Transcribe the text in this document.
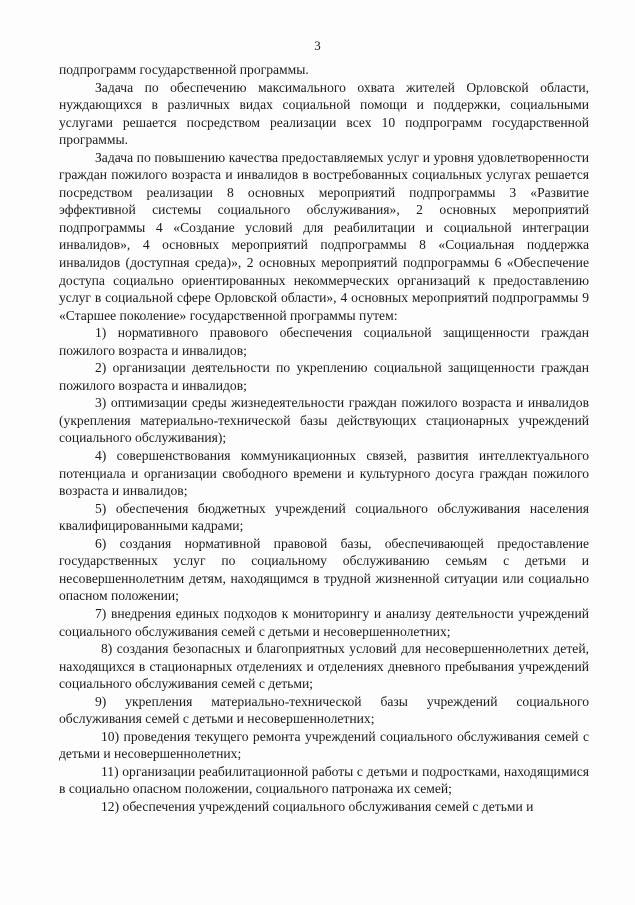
3

подпрограмм государственной программы.

Задача по обеспечению максимального охвата жителей Орловской области, нуждающихся в различных видах социальной помощи и поддержки, социальными услугами решается посредством реализации всех 10 подпрограмм государственной программы.

Задача по повышению качества предоставляемых услуг и уровня удовлетворенности граждан пожилого возраста и инвалидов в востребованных социальных услугах решается посредством реализации 8 основных мероприятий подпрограммы 3 «Развитие эффективной системы социального обслуживания», 2 основных мероприятий подпрограммы 4 «Создание условий для реабилитации и социальной интеграции инвалидов», 4 основных мероприятий подпрограммы 8 «Социальная поддержка инвалидов (доступная среда)», 2 основных мероприятий подпрограммы 6 «Обеспечение доступа социально ориентированных некоммерческих организаций к предоставлению услуг в социальной сфере Орловской области», 4 основных мероприятий подпрограммы 9 «Старшее поколение» государственной программы путем:

1) нормативного правового обеспечения социальной защищенности граждан пожилого возраста и инвалидов;

2) организации деятельности по укреплению социальной защищенности граждан пожилого возраста и инвалидов;

3) оптимизации среды жизнедеятельности граждан пожилого возраста и инвалидов (укрепления материально-технической базы действующих стационарных учреждений социального обслуживания);

4) совершенствования коммуникационных связей, развития интеллектуального потенциала и организации свободного времени и культурного досуга граждан пожилого возраста и инвалидов;

5) обеспечения бюджетных учреждений социального обслуживания населения квалифицированными кадрами;

6) создания нормативной правовой базы, обеспечивающей предоставление государственных услуг по социальному обслуживанию семьям с детьми и несовершеннолетним детям, находящимся в трудной жизненной ситуации или социально опасном положении;

7) внедрения единых подходов к мониторингу и анализу деятельности учреждений социального обслуживания семей с детьми и несовершеннолетних;

8) создания безопасных и благоприятных условий для несовершеннолетних детей, находящихся в стационарных отделениях и отделениях дневного пребывания учреждений социального обслуживания семей с детьми;

9) укрепления материально-технической базы учреждений социального обслуживания семей с детьми и несовершеннолетних;

10) проведения текущего ремонта учреждений социального обслуживания семей с детьми и несовершеннолетних;

11) организации реабилитационной работы с детьми и подростками, находящимися в социально опасном положении, социального патронажа их семей;

12) обеспечения учреждений социального обслуживания семей с детьми и
